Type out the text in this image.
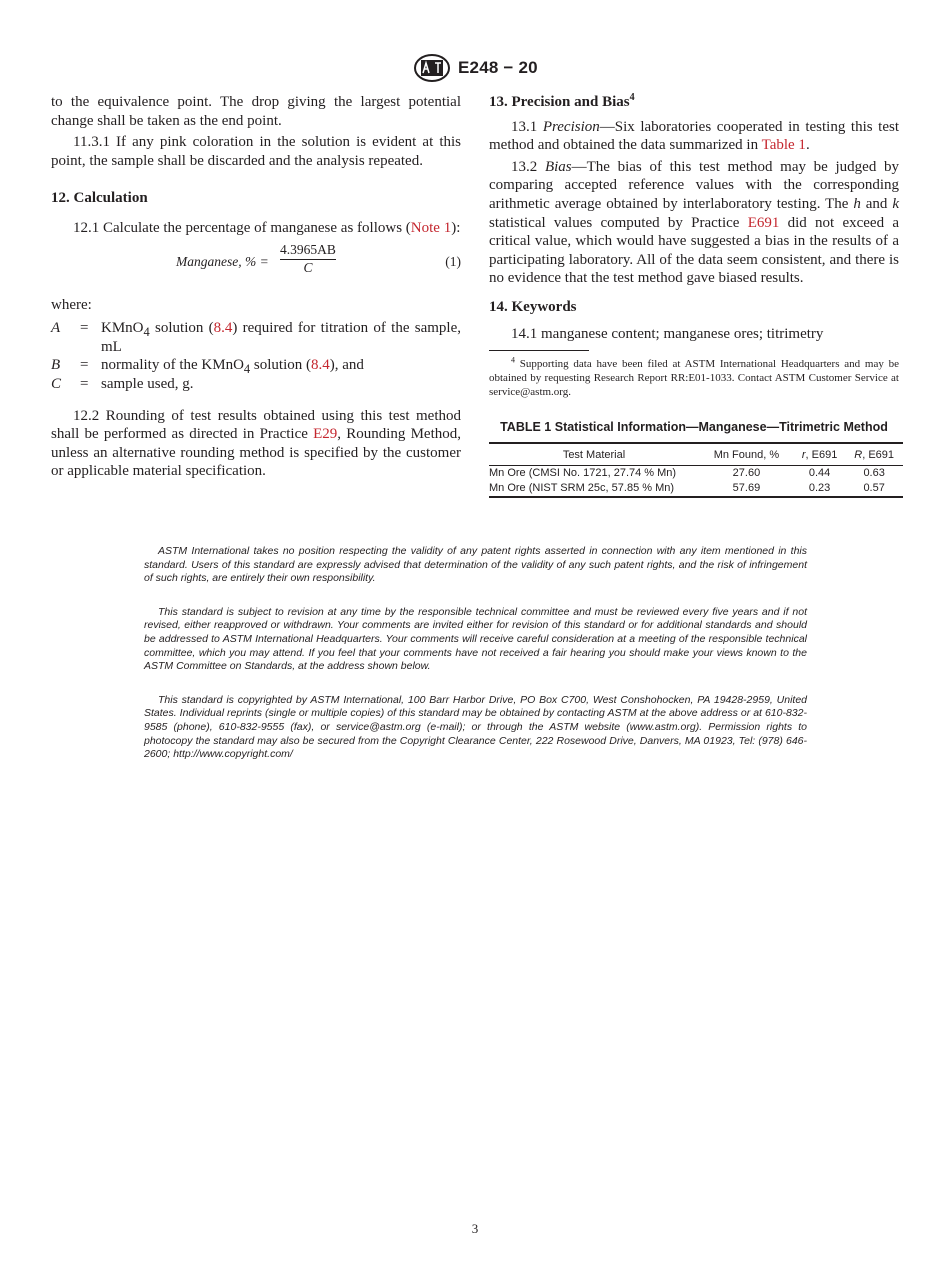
E248 − 20

to the equivalence point. The drop giving the largest potential change shall be taken as the end point.

11.3.1 If any pink coloration in the solution is evident at this point, the sample shall be discarded and the analysis repeated.

12. Calculation

12.1 Calculate the percentage of manganese as follows (Note 1):

Manganese, % = $\frac{4.3965AB}{C}$	(1)

where:

A	= KMnO$_4$ solution (8.4) required for titration of the sample, mL
B	= normality of the KMnO$_4$ solution (8.4), and
C	= sample used, g.

12.2 Rounding of test results obtained using this test method shall be performed as directed in Practice E29, Rounding Method, unless an alternative rounding method is specified by the customer or applicable material specification.

13. Precision and Bias$^4$

13.1 Precision—Six laboratories cooperated in testing this test method and obtained the data summarized in Table 1.

13.2 Bias—The bias of this test method may be judged by comparing accepted reference values with the corresponding arithmetic average obtained by interlaboratory testing. The h and k statistical values computed by Practice E691 did not exceed a critical value, which would have suggested a bias in the results of a participating laboratory. All of the data seem consistent, and there is no evidence that the test method gave biased results.

14. Keywords

14.1 manganese content; manganese ores; titrimetry

$^4$ Supporting data have been filed at ASTM International Headquarters and may be obtained by requesting Research Report RR:E01-1033. Contact ASTM Customer Service at service@astm.org.

TABLE 1 Statistical Information—Manganese—Titrimetric Method
Test Material	Mn Found, %	r, E691	R, E691
Mn Ore (CMSI No. 1721, 27.74 % Mn)	27.60	0.44	0.63
Mn Ore (NIST SRM 25c, 57.85 % Mn)	57.69	0.23	0.57

ASTM International takes no position respecting the validity of any patent rights asserted in connection with any item mentioned in this standard. Users of this standard are expressly advised that determination of the validity of any such patent rights, and the risk of infringement of such rights, are entirely their own responsibility.

This standard is subject to revision at any time by the responsible technical committee and must be reviewed every five years and if not revised, either reapproved or withdrawn. Your comments are invited either for revision of this standard or for additional standards and should be addressed to ASTM International Headquarters. Your comments will receive careful consideration at a meeting of the responsible technical committee, which you may attend. If you feel that your comments have not received a fair hearing you should make your views known to the ASTM Committee on Standards, at the address shown below.

This standard is copyrighted by ASTM International, 100 Barr Harbor Drive, PO Box C700, West Conshohocken, PA 19428-2959, United States. Individual reprints (single or multiple copies) of this standard may be obtained by contacting ASTM at the above address or at 610-832-9585 (phone), 610-832-9555 (fax), or service@astm.org (e-mail); or through the ASTM website (www.astm.org). Permission rights to photocopy the standard may also be secured from the Copyright Clearance Center, 222 Rosewood Drive, Danvers, MA 01923, Tel: (978) 646-2600; http://www.copyright.com/

3
